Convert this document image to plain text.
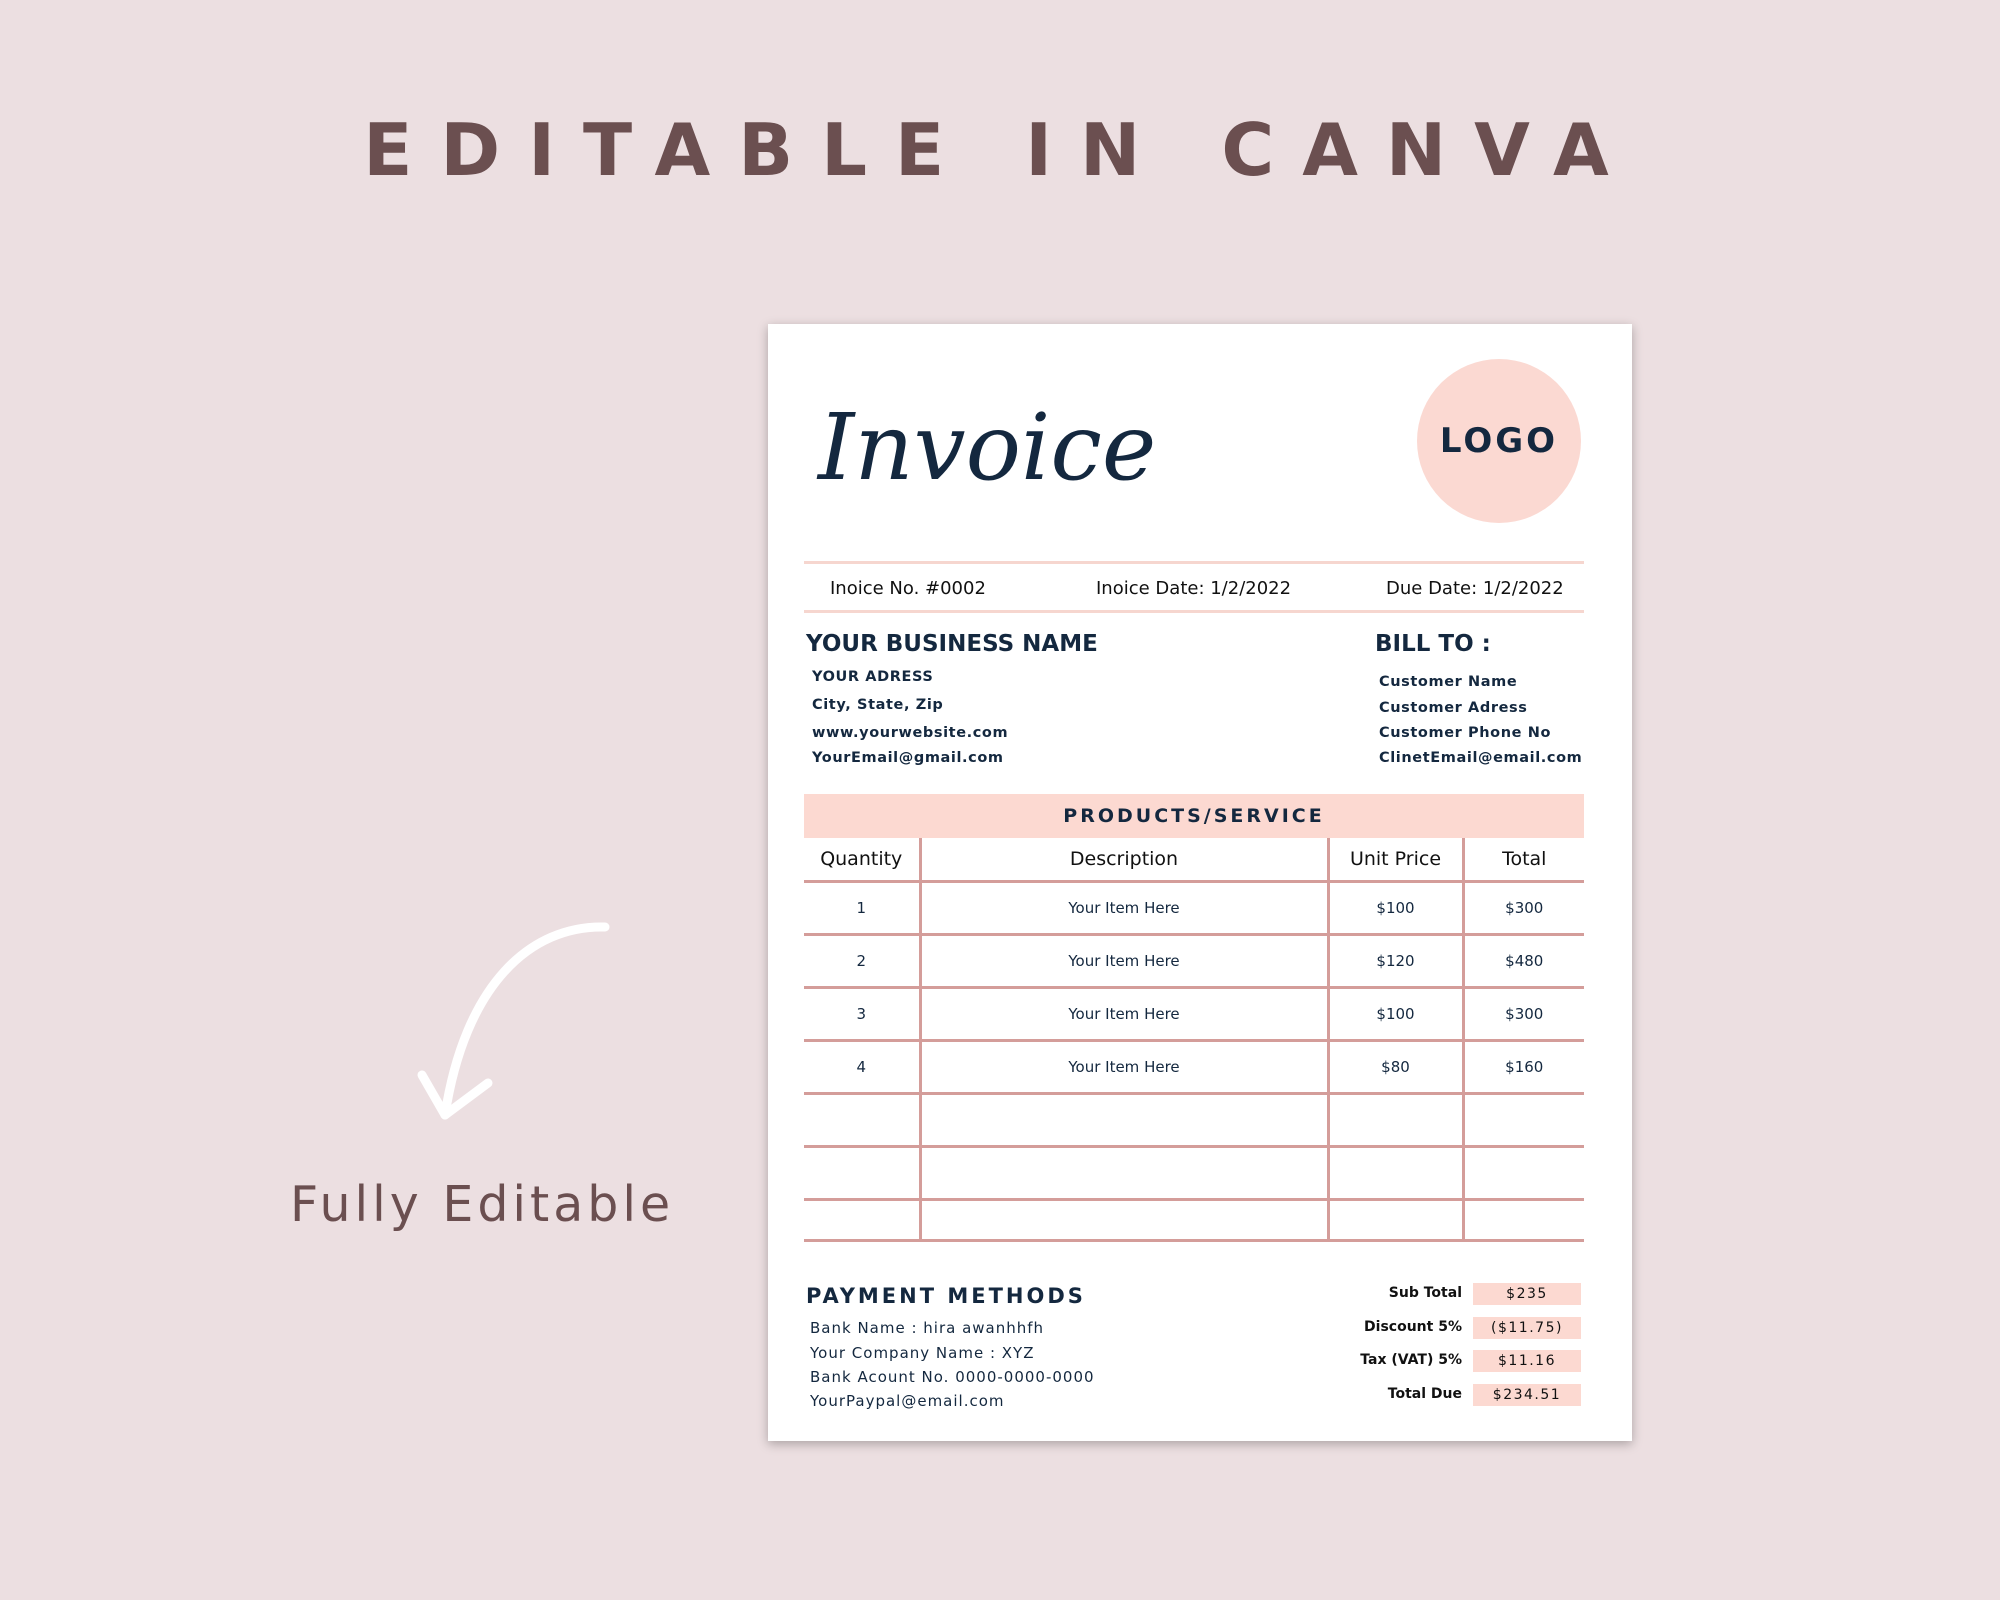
EDITABLE IN CANVA
Fully Editable
Invoice	LOGO
Inoice No. #0002	Inoice Date: 1/2/2022	Due Date: 1/2/2022
YOUR BUSINESS NAME
YOUR ADRESS
City, State, Zip
www.yourwebsite.com
YourEmail@gmail.com
BILL TO :
Customer Name
Customer Adress
Customer Phone No
ClinetEmail@email.com
PRODUCTS/SERVICE
Quantity	Description	Unit Price	Total
1	Your Item Here	$100	$300
2	Your Item Here	$120	$480
3	Your Item Here	$100	$300
4	Your Item Here	$80	$160

PAYMENT METHODS
Bank Name : hira awanhhfh
Your Company Name : XYZ
Bank Acount No. 0000-0000-0000
YourPaypal@email.com
Sub Total	$235
Discount 5%	($11.75)
Tax (VAT) 5%	$11.16
Total Due	$234.51
